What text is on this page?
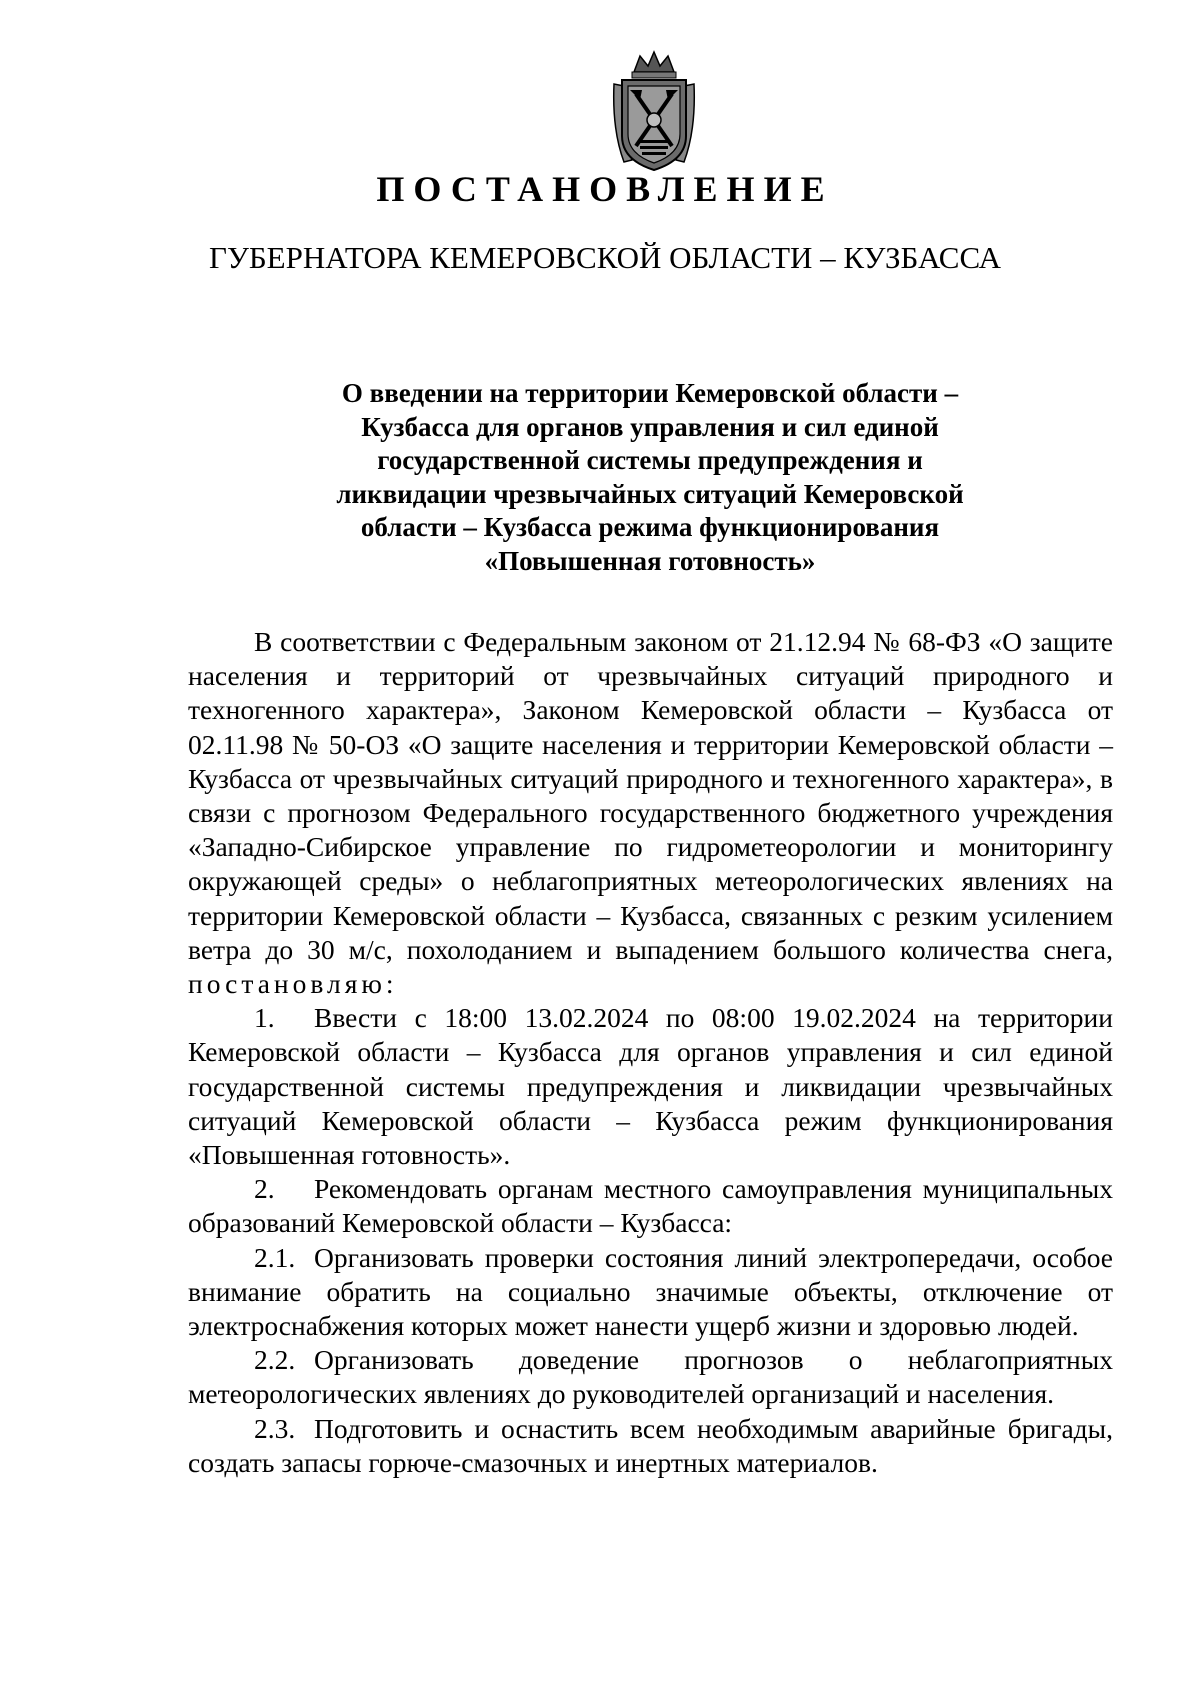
ПОСТАНОВЛЕНИЕ
ГУБЕРНАТОРА КЕМЕРОВСКОЙ ОБЛАСТИ – КУЗБАССА
О введении на территории Кемеровской области –
Кузбасса для органов управления и сил единой
государственной системы предупреждения и
ликвидации чрезвычайных ситуаций Кемеровской
области – Кузбасса режима функционирования
«Повышенная готовность»

В соответствии с Федеральным законом от 21.12.94 № 68-ФЗ «О защите населения и территорий от чрезвычайных ситуаций природного и техногенного характера», Законом Кемеровской области – Кузбасса от 02.11.98 № 50-ОЗ «О защите населения и территории Кемеровской области – Кузбасса от чрезвычайных ситуаций природного и техногенного характера», в связи с прогнозом Федерального государственного бюджетного учреждения «Западно-Сибирское управление по гидрометеорологии и мониторингу окружающей среды» о неблагоприятных метеорологических явлениях на территории Кемеровской области – Кузбасса, связанных с резким усилением ветра до 30 м/с, похолоданием и выпадением большого количества снега, постановляю:

1. Ввести с 18:00 13.02.2024 по 08:00 19.02.2024 на территории Кемеровской области – Кузбасса для органов управления и сил единой государственной системы предупреждения и ликвидации чрезвычайных ситуаций Кемеровской области – Кузбасса режим функционирования «Повышенная готовность».

2. Рекомендовать органам местного самоуправления муниципальных образований Кемеровской области – Кузбасса:

2.1. Организовать проверки состояния линий электропередачи, особое внимание обратить на социально значимые объекты, отключение от электроснабжения которых может нанести ущерб жизни и здоровью людей.

2.2. Организовать доведение прогнозов о неблагоприятных метеорологических явлениях до руководителей организаций и населения.

2.3. Подготовить и оснастить всем необходимым аварийные бригады, создать запасы горюче-смазочных и инертных материалов.
